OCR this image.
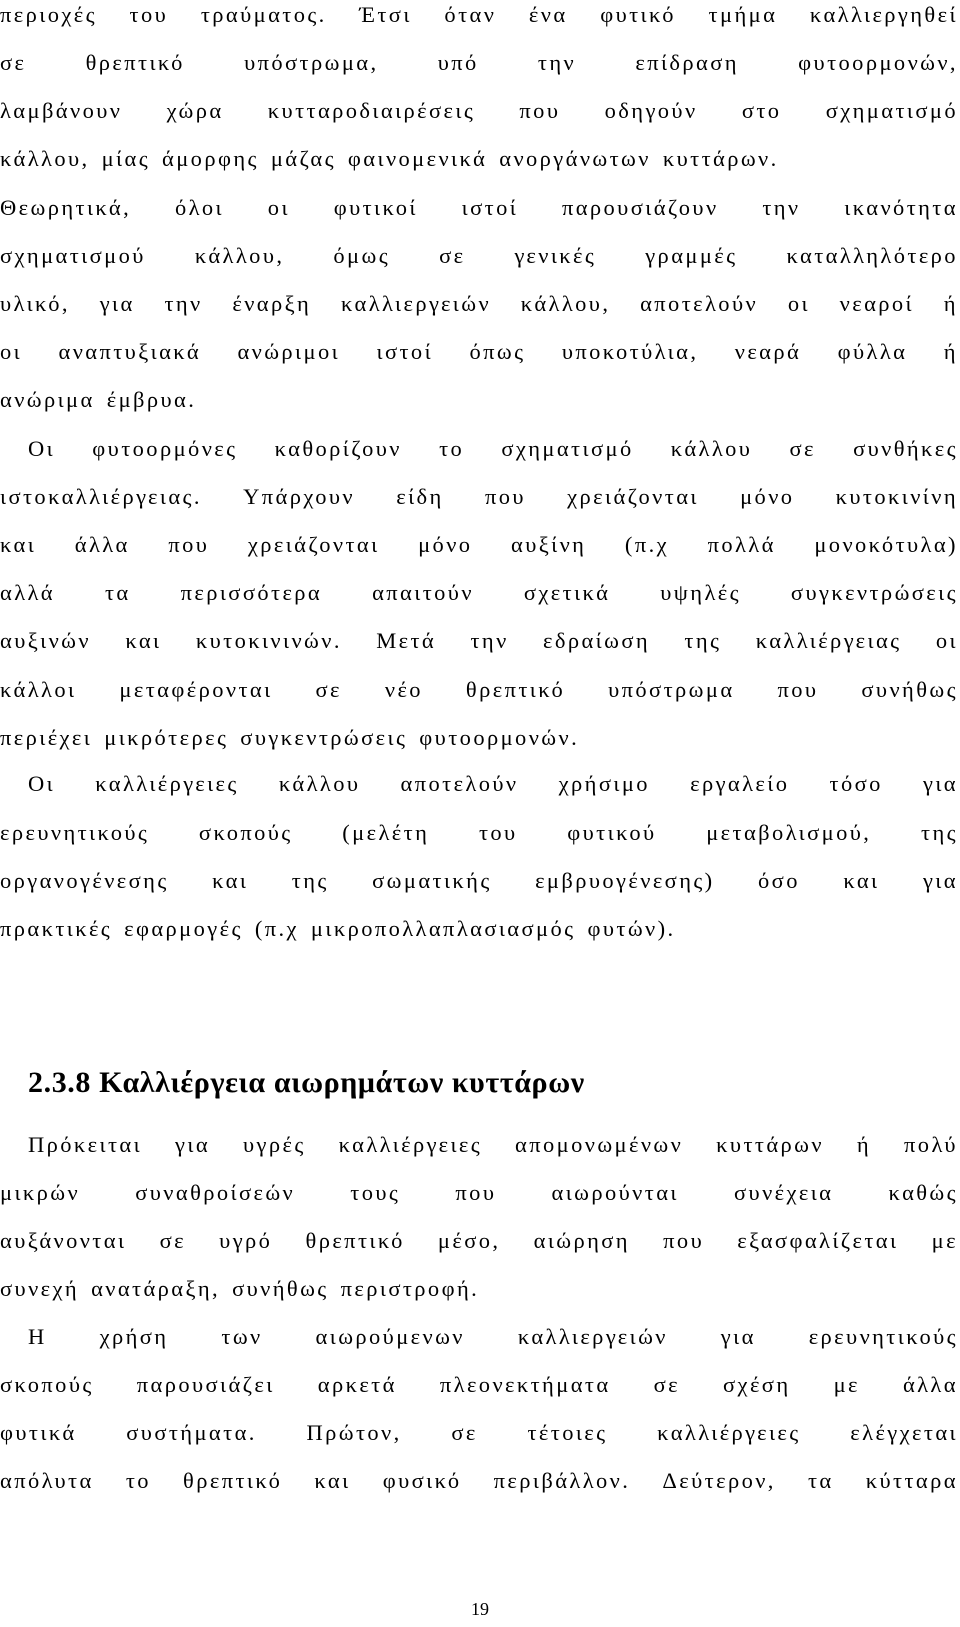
περιοχές του τραύματος. Έτσι όταν ένα φυτικό τμήμα καλλιεργηθεί
σε	θρεπτικό	υπόστρωμα,	υπό	την	επίδραση	φυτοορμονών,
λαμβάνουν χώρα κυτταροδιαιρέσεις που οδηγούν στο σχηματισμό
κάλλου, μίας άμορφης μάζας φαινομενικά ανοργάνωτων κυττάρων.
Θεωρητικά, όλοι οι φυτικοί ιστοί παρουσιάζουν την ικανότητα
σχηματισμού κάλλου, όμως σε γενικές γραμμές καταλληλότερο
υλικό, για την έναρξη καλλιεργειών κάλλου, αποτελούν οι νεαροί ή
οι αναπτυξιακά ανώριμοι ιστοί όπως υποκοτύλια, νεαρά φύλλα ή
ανώριμα έμβρυα.
Οι φυτοορμόνες καθορίζουν το σχηματισμό κάλλου σε συνθήκες
ιστοκαλλιέργειας. Υπάρχουν είδη που χρειάζονται μόνο κυτοκινίνη
και άλλα που χρειάζονται μόνο αυξίνη (π.χ πολλά μονοκότυλα)
αλλά τα περισσότερα απαιτούν σχετικά υψηλές συγκεντρώσεις
αυξινών και κυτοκινινών. Μετά την εδραίωση της καλλιέργειας οι
κάλλοι μεταφέρονται σε νέο θρεπτικό υπόστρωμα που συνήθως
περιέχει μικρότερες συγκεντρώσεις φυτοορμονών.
Οι καλλιέργειες κάλλου αποτελούν χρήσιμο εργαλείο τόσο για
ερευνητικούς σκοπούς (μελέτη του φυτικού μεταβολισμού, της
οργανογένεσης και της σωματικής εμβρυογένεσης) όσο και για
πρακτικές εφαρμογές (π.χ μικροπολλαπλασιασμός φυτών).
2.3.8 Καλλιέργεια αιωρημάτων κυττάρων
Πρόκειται για υγρές καλλιέργειες απομονωμένων κυττάρων ή πολύ
μικρών συναθροίσεών τους που αιωρούνται συνέχεια καθώς
αυξάνονται σε υγρό θρεπτικό μέσο, αιώρηση που εξασφαλίζεται με
συνεχή ανατάραξη, συνήθως περιστροφή.
Η χρήση των αιωρούμενων καλλιεργειών για ερευνητικούς
σκοπούς παρουσιάζει αρκετά πλεονεκτήματα σε σχέση με άλλα
φυτικά συστήματα. Πρώτον, σε τέτοιες καλλιέργειες ελέγχεται
απόλυτα το θρεπτικό και φυσικό περιβάλλον. Δεύτερον, τα κύτταρα
19
